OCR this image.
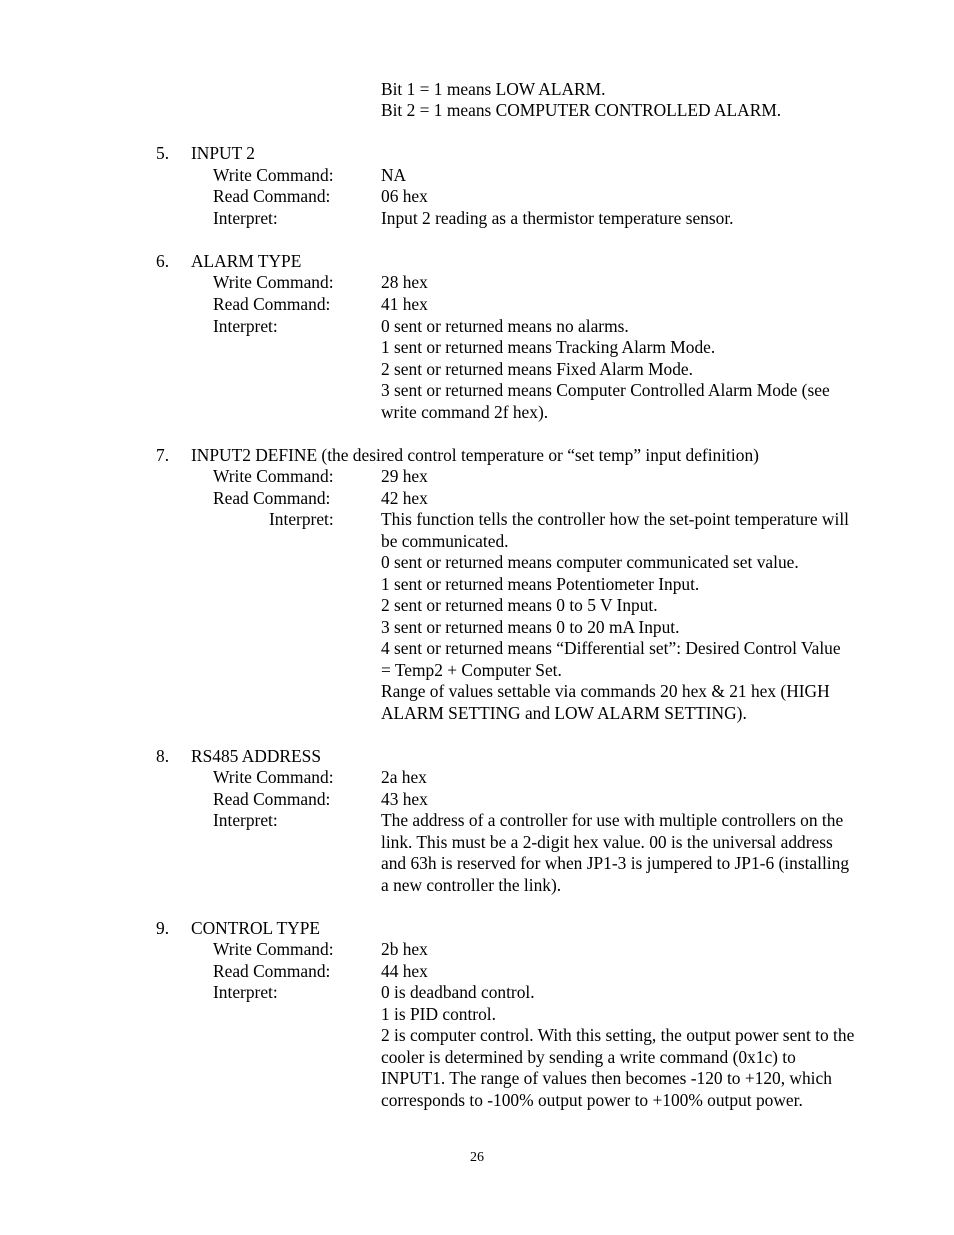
Bit 1 = 1 means LOW ALARM.
Bit 2 = 1 means COMPUTER CONTROLLED ALARM.
5. INPUT 2
Write Command:	NA
Read Command:	06 hex
Interpret:	Input 2 reading as a thermistor temperature sensor.
6. ALARM TYPE
Write Command:	28 hex
Read Command:	41 hex
Interpret:	0 sent or returned means no alarms.
1 sent or returned means Tracking Alarm Mode.
2 sent or returned means Fixed Alarm Mode.
3 sent or returned means Computer Controlled Alarm Mode (see
write command 2f hex).
7. INPUT2 DEFINE (the desired control temperature or “set temp” input definition)
Write Command:	29 hex
Read Command:	42 hex
Interpret:	This function tells the controller how the set-point temperature will
be communicated.
0 sent or returned means computer communicated set value.
1 sent or returned means Potentiometer Input.
2 sent or returned means 0 to 5 V Input.
3 sent or returned means 0 to 20 mA Input.
4 sent or returned means “Differential set”: Desired Control Value
= Temp2 + Computer Set.
Range of values settable via commands 20 hex & 21 hex (HIGH
ALARM SETTING and LOW ALARM SETTING).
8. RS485 ADDRESS
Write Command:	2a hex
Read Command:	43 hex
Interpret:	The address of a controller for use with multiple controllers on the
link. This must be a 2-digit hex value. 00 is the universal address
and 63h is reserved for when JP1-3 is jumpered to JP1-6 (installing
a new controller the link).
9. CONTROL TYPE
Write Command:	2b hex
Read Command:	44 hex
Interpret:	0 is deadband control.
1 is PID control.
2 is computer control. With this setting, the output power sent to the
cooler is determined by sending a write command (0x1c) to
INPUT1. The range of values then becomes -120 to +120, which
corresponds to -100% output power to +100% output power.
26
